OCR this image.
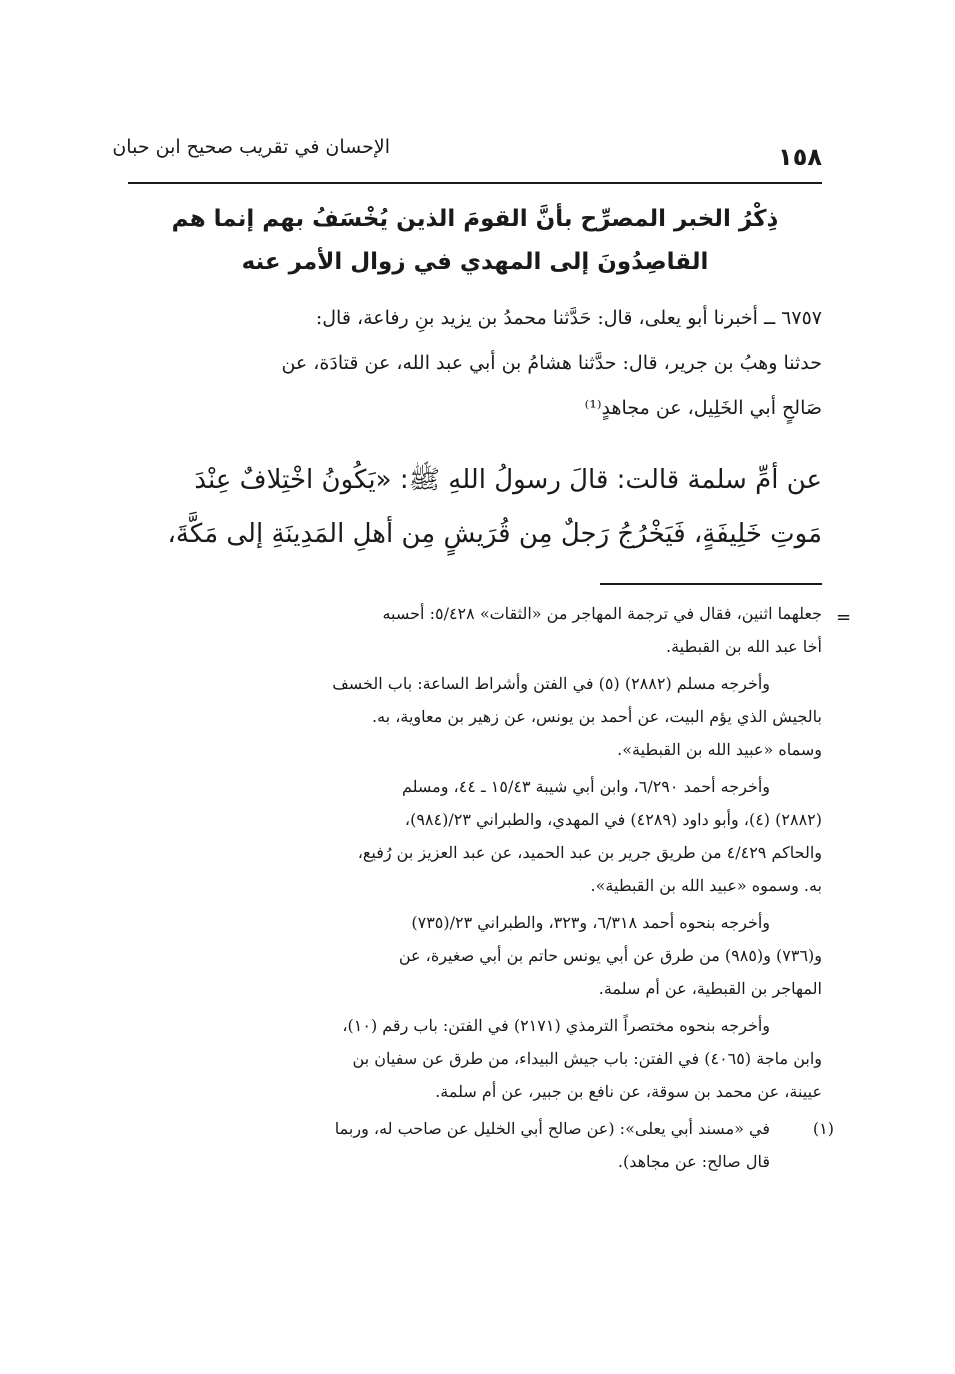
الإحسان في تقريب صحيح ابن حبان	١٥٨
ذِكْرُ الخبر المصرِّح بأنَّ القومَ الذين يُخْسَفُ بهم إنما هم
القاصِدُونَ إلى المهدي في زوال الأمر عنه
٦٧٥٧ ــ أخبرنا أبو يعلى، قال: حَدَّثنا محمدُ بن يزيد بنِ رفاعة، قال:
حدثنا وهبُ بن جرير، قال: حدَّثنا هشامُ بن أبي عبد الله، عن قتادَة، عن
صَالحٍ أبي الخَلِيل، عن مجاهدٍ⁽¹⁾
عن أمِّ سلمة قالت: قالَ رسولُ اللهِ ﷺ: «يَكُونُ اخْتِلافٌ عِنْدَ
مَوتِ خَلِيفَةٍ، فَيَخْرُجُ رَجلٌ مِن قُرَيشٍ مِن أهلِ المَدِينَةِ إلى مَكَّةَ،
=
جعلهما اثنين، فقال في ترجمة المهاجر من «الثقات» ٥/٤٢٨: أحسبه
أخا عبد الله بن القبطية.
وأخرجه مسلم (٢٨٨٢) (٥) في الفتن وأشراط الساعة: باب الخسف
بالجيش الذي يؤم البيت، عن أحمد بن يونس، عن زهير بن معاوية، به.
وسماه «عبيد الله بن القبطية».
وأخرجه أحمد ٦/٢٩٠، وابن أبي شيبة ١٥/٤٣ ـ ٤٤، ومسلم
(٢٨٨٢) (٤)، وأبو داود (٤٢٨٩) في المهدي، والطبراني ٢٣/(٩٨٤)،
والحاكم ٤/٤٢٩ من طريق جرير بن عبد الحميد، عن عبد العزيز بن رُفيع،
به. وسموه «عبيد الله بن القبطية».
وأخرجه بنحوه أحمد ٦/٣١٨، و٣٢٣، والطبراني ٢٣/(٧٣٥)
و(٧٣٦) و(٩٨٥) من طرق عن أبي يونس حاتم بن أبي صغيرة، عن
المهاجر بن القبطية، عن أم سلمة.
وأخرجه بنحوه مختصراً الترمذي (٢١٧١) في الفتن: باب رقم (١٠)،
وابن ماجة (٤٠٦٥) في الفتن: باب جيش البيداء، من طرق عن سفيان بن
عيينة، عن محمد بن سوقة، عن نافع بن جبير، عن أم سلمة.
(١)
في «مسند أبي يعلى»: (عن صالح أبي الخليل عن صاحب له، وربما
قال صالح: عن مجاهد).
